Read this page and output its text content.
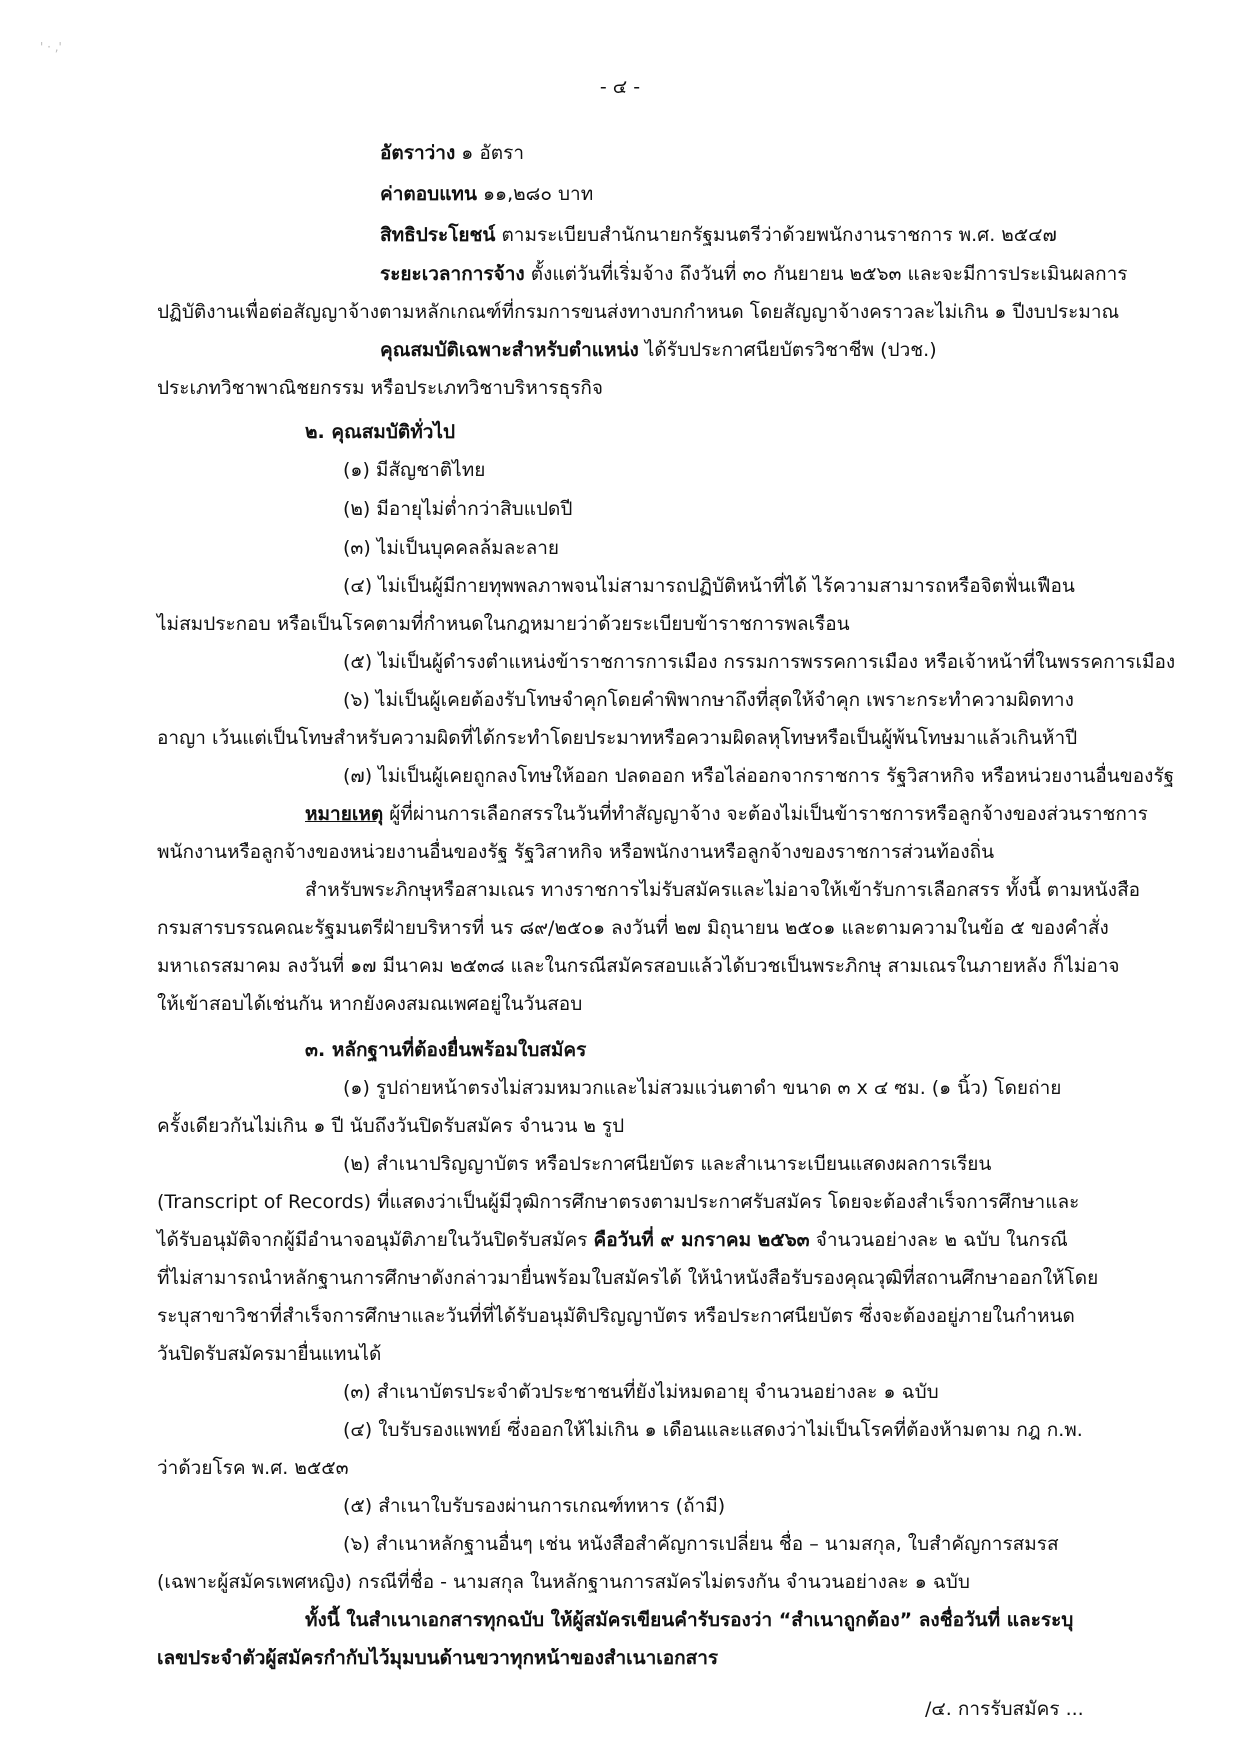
' · ,'
- ๔ -
อัตราว่าง ๑ อัตรา
ค่าตอบแทน ๑๑,๒๘๐ บาท
สิทธิประโยชน์ ตามระเบียบสำนักนายกรัฐมนตรีว่าด้วยพนักงานราชการ พ.ศ. ๒๕๔๗
ระยะเวลาการจ้าง ตั้งแต่วันที่เริ่มจ้าง ถึงวันที่ ๓๐ กันยายน ๒๕๖๓ และจะมีการประเมินผลการ
ปฏิบัติงานเพื่อต่อสัญญาจ้างตามหลักเกณฑ์ที่กรมการขนส่งทางบกกำหนด โดยสัญญาจ้างคราวละไม่เกิน ๑ ปีงบประมาณ
คุณสมบัติเฉพาะสำหรับตำแหน่ง ได้รับประกาศนียบัตรวิชาชีพ (ปวช.)
ประเภทวิชาพาณิชยกรรม หรือประเภทวิชาบริหารธุรกิจ
๒. คุณสมบัติทั่วไป
(๑) มีสัญชาติไทย
(๒) มีอายุไม่ต่ำกว่าสิบแปดปี
(๓) ไม่เป็นบุคคลล้มละลาย
(๔) ไม่เป็นผู้มีกายทุพพลภาพจนไม่สามารถปฏิบัติหน้าที่ได้ ไร้ความสามารถหรือจิตฟั่นเฟือน
ไม่สมประกอบ หรือเป็นโรคตามที่กำหนดในกฎหมายว่าด้วยระเบียบข้าราชการพลเรือน
(๕) ไม่เป็นผู้ดำรงตำแหน่งข้าราชการการเมือง กรรมการพรรคการเมือง หรือเจ้าหน้าที่ในพรรคการเมือง
(๖) ไม่เป็นผู้เคยต้องรับโทษจำคุกโดยคำพิพากษาถึงที่สุดให้จำคุก เพราะกระทำความผิดทาง
อาญา เว้นแต่เป็นโทษสำหรับความผิดที่ได้กระทำโดยประมาทหรือความผิดลหุโทษหรือเป็นผู้พ้นโทษมาแล้วเกินห้าปี
(๗) ไม่เป็นผู้เคยถูกลงโทษให้ออก ปลดออก หรือไล่ออกจากราชการ รัฐวิสาหกิจ หรือหน่วยงานอื่นของรัฐ
หมายเหตุ ผู้ที่ผ่านการเลือกสรรในวันที่ทำสัญญาจ้าง จะต้องไม่เป็นข้าราชการหรือลูกจ้างของส่วนราชการ
พนักงานหรือลูกจ้างของหน่วยงานอื่นของรัฐ รัฐวิสาหกิจ หรือพนักงานหรือลูกจ้างของราชการส่วนท้องถิ่น
สำหรับพระภิกษุหรือสามเณร ทางราชการไม่รับสมัครและไม่อาจให้เข้ารับการเลือกสรร ทั้งนี้ ตามหนังสือ
กรมสารบรรณคณะรัฐมนตรีฝ่ายบริหารที่ นร ๘๙/๒๕๐๑ ลงวันที่ ๒๗ มิถุนายน ๒๕๐๑ และตามความในข้อ ๕ ของคำสั่ง
มหาเถรสมาคม ลงวันที่ ๑๗ มีนาคม ๒๕๓๘ และในกรณีสมัครสอบแล้วได้บวชเป็นพระภิกษุ สามเณรในภายหลัง ก็ไม่อาจ
ให้เข้าสอบได้เช่นกัน หากยังคงสมณเพศอยู่ในวันสอบ
๓. หลักฐานที่ต้องยื่นพร้อมใบสมัคร
(๑) รูปถ่ายหน้าตรงไม่สวมหมวกและไม่สวมแว่นตาดำ ขนาด ๓ x ๔ ซม. (๑ นิ้ว) โดยถ่าย
ครั้งเดียวกันไม่เกิน ๑ ปี นับถึงวันปิดรับสมัคร จำนวน ๒ รูป
(๒) สำเนาปริญญาบัตร หรือประกาศนียบัตร และสำเนาระเบียนแสดงผลการเรียน
(Transcript of Records) ที่แสดงว่าเป็นผู้มีวุฒิการศึกษาตรงตามประกาศรับสมัคร โดยจะต้องสำเร็จการศึกษาและ
ได้รับอนุมัติจากผู้มีอำนาจอนุมัติภายในวันปิดรับสมัคร คือวันที่ ๙ มกราคม ๒๕๖๓ จำนวนอย่างละ ๒ ฉบับ ในกรณี
ที่ไม่สามารถนำหลักฐานการศึกษาดังกล่าวมายื่นพร้อมใบสมัครได้ ให้นำหนังสือรับรองคุณวุฒิที่สถานศึกษาออกให้โดย
ระบุสาขาวิชาที่สำเร็จการศึกษาและวันที่ที่ได้รับอนุมัติปริญญาบัตร หรือประกาศนียบัตร ซึ่งจะต้องอยู่ภายในกำหนด
วันปิดรับสมัครมายื่นแทนได้
(๓) สำเนาบัตรประจำตัวประชาชนที่ยังไม่หมดอายุ จำนวนอย่างละ ๑ ฉบับ
(๔) ใบรับรองแพทย์ ซึ่งออกให้ไม่เกิน ๑ เดือนและแสดงว่าไม่เป็นโรคที่ต้องห้ามตาม กฎ ก.พ.
ว่าด้วยโรค พ.ศ. ๒๕๕๓
(๕) สำเนาใบรับรองผ่านการเกณฑ์ทหาร (ถ้ามี)
(๖) สำเนาหลักฐานอื่นๆ เช่น หนังสือสำคัญการเปลี่ยน ชื่อ – นามสกุล, ใบสำคัญการสมรส
(เฉพาะผู้สมัครเพศหญิง) กรณีที่ชื่อ - นามสกุล ในหลักฐานการสมัครไม่ตรงกัน จำนวนอย่างละ ๑ ฉบับ
ทั้งนี้ ในสำเนาเอกสารทุกฉบับ ให้ผู้สมัครเขียนคำรับรองว่า “สำเนาถูกต้อง” ลงชื่อวันที่ และระบุ
เลขประจำตัวผู้สมัครกำกับไว้มุมบนด้านขวาทุกหน้าของสำเนาเอกสาร
/๔. การรับสมัคร ...
